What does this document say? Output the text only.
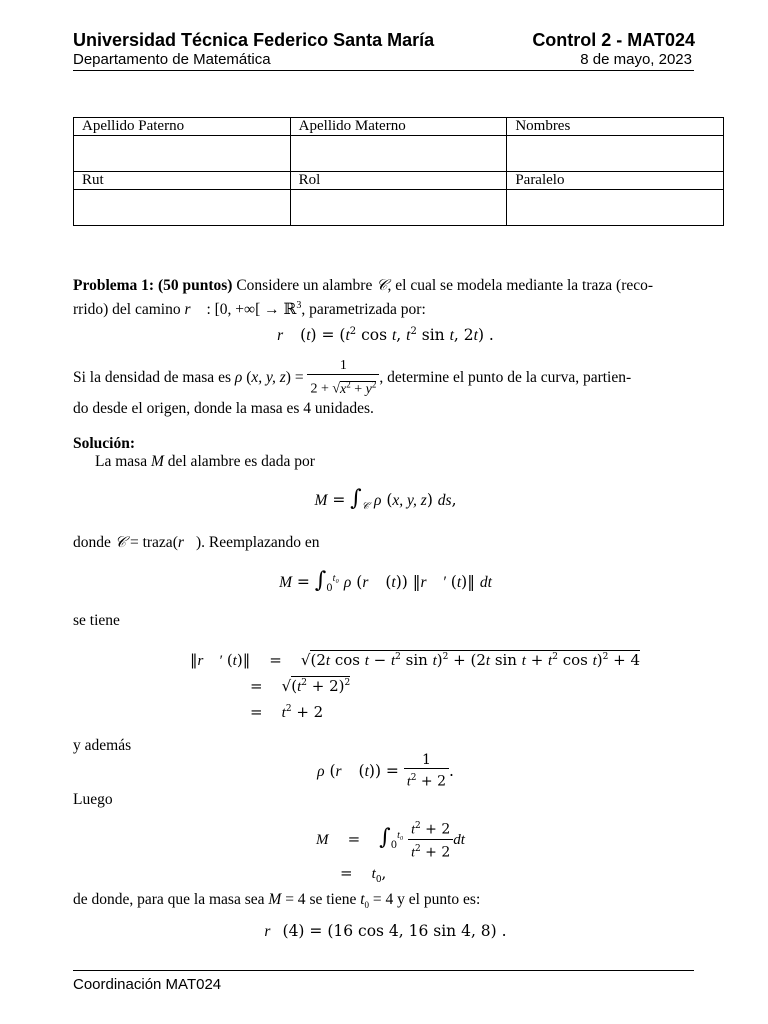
Universidad Técnica Federico Santa María	Control 2 - MAT024
Departamento de Matemática	8 de mayo, 2023
Apellido Paterno	Apellido Materno	Nombres

Rut	Rol	Paralelo

Problema 1: (50 puntos) Considere un alambre 𝒞, el cual se modela mediante la traza (reco-
rrido) del camino r⃗ : [0, +∞[ → ℝ$^3$, parametrizada por:
r⃗ $(t) = (t^2$ cos t, $t^2$ sin t, 2t) .
Si la densidad de masa es ρ (x, y, $z) = \frac{1}{2 + √x^2 + y^2}$ , determine el punto de la curva, partien-
do desde el origen, donde la masa es 4 unidades.
Solución:
La masa M del alambre es dada por
$M = \int_𝒞$ ρ (x, y, z) ds,
donde 𝒞 = traza(r⃗). Reemplazando en
$M = \int_0^{t_0}$ ρ (r⃗ (t)) ‖r⃗ ′ (t)‖ dt
se tiene
‖r⃗ ′ (t)‖    =    √(2t $\cos t - t^2$ sin t)$^2$ + (2t $\sin t + t^2$ cos t)$^2$ + 4
=    $√(t^2 + 2)^2$
=    $t^2 + 2$
y además
ρ (r⃗ $(t)) = \frac{1}{t^2 + 2}$ .
Luego
M    =    $\int_0^{t_0} \frac{t^2 + 2}{t^2 + 2}$ dt
=    $t_0$,
de donde, para que la masa sea M = 4 se tiene $t_0 = 4$ y el punto es:
r⃗(4) = (16 cos 4, 16 sin 4, 8) .
Coordinación MAT024
